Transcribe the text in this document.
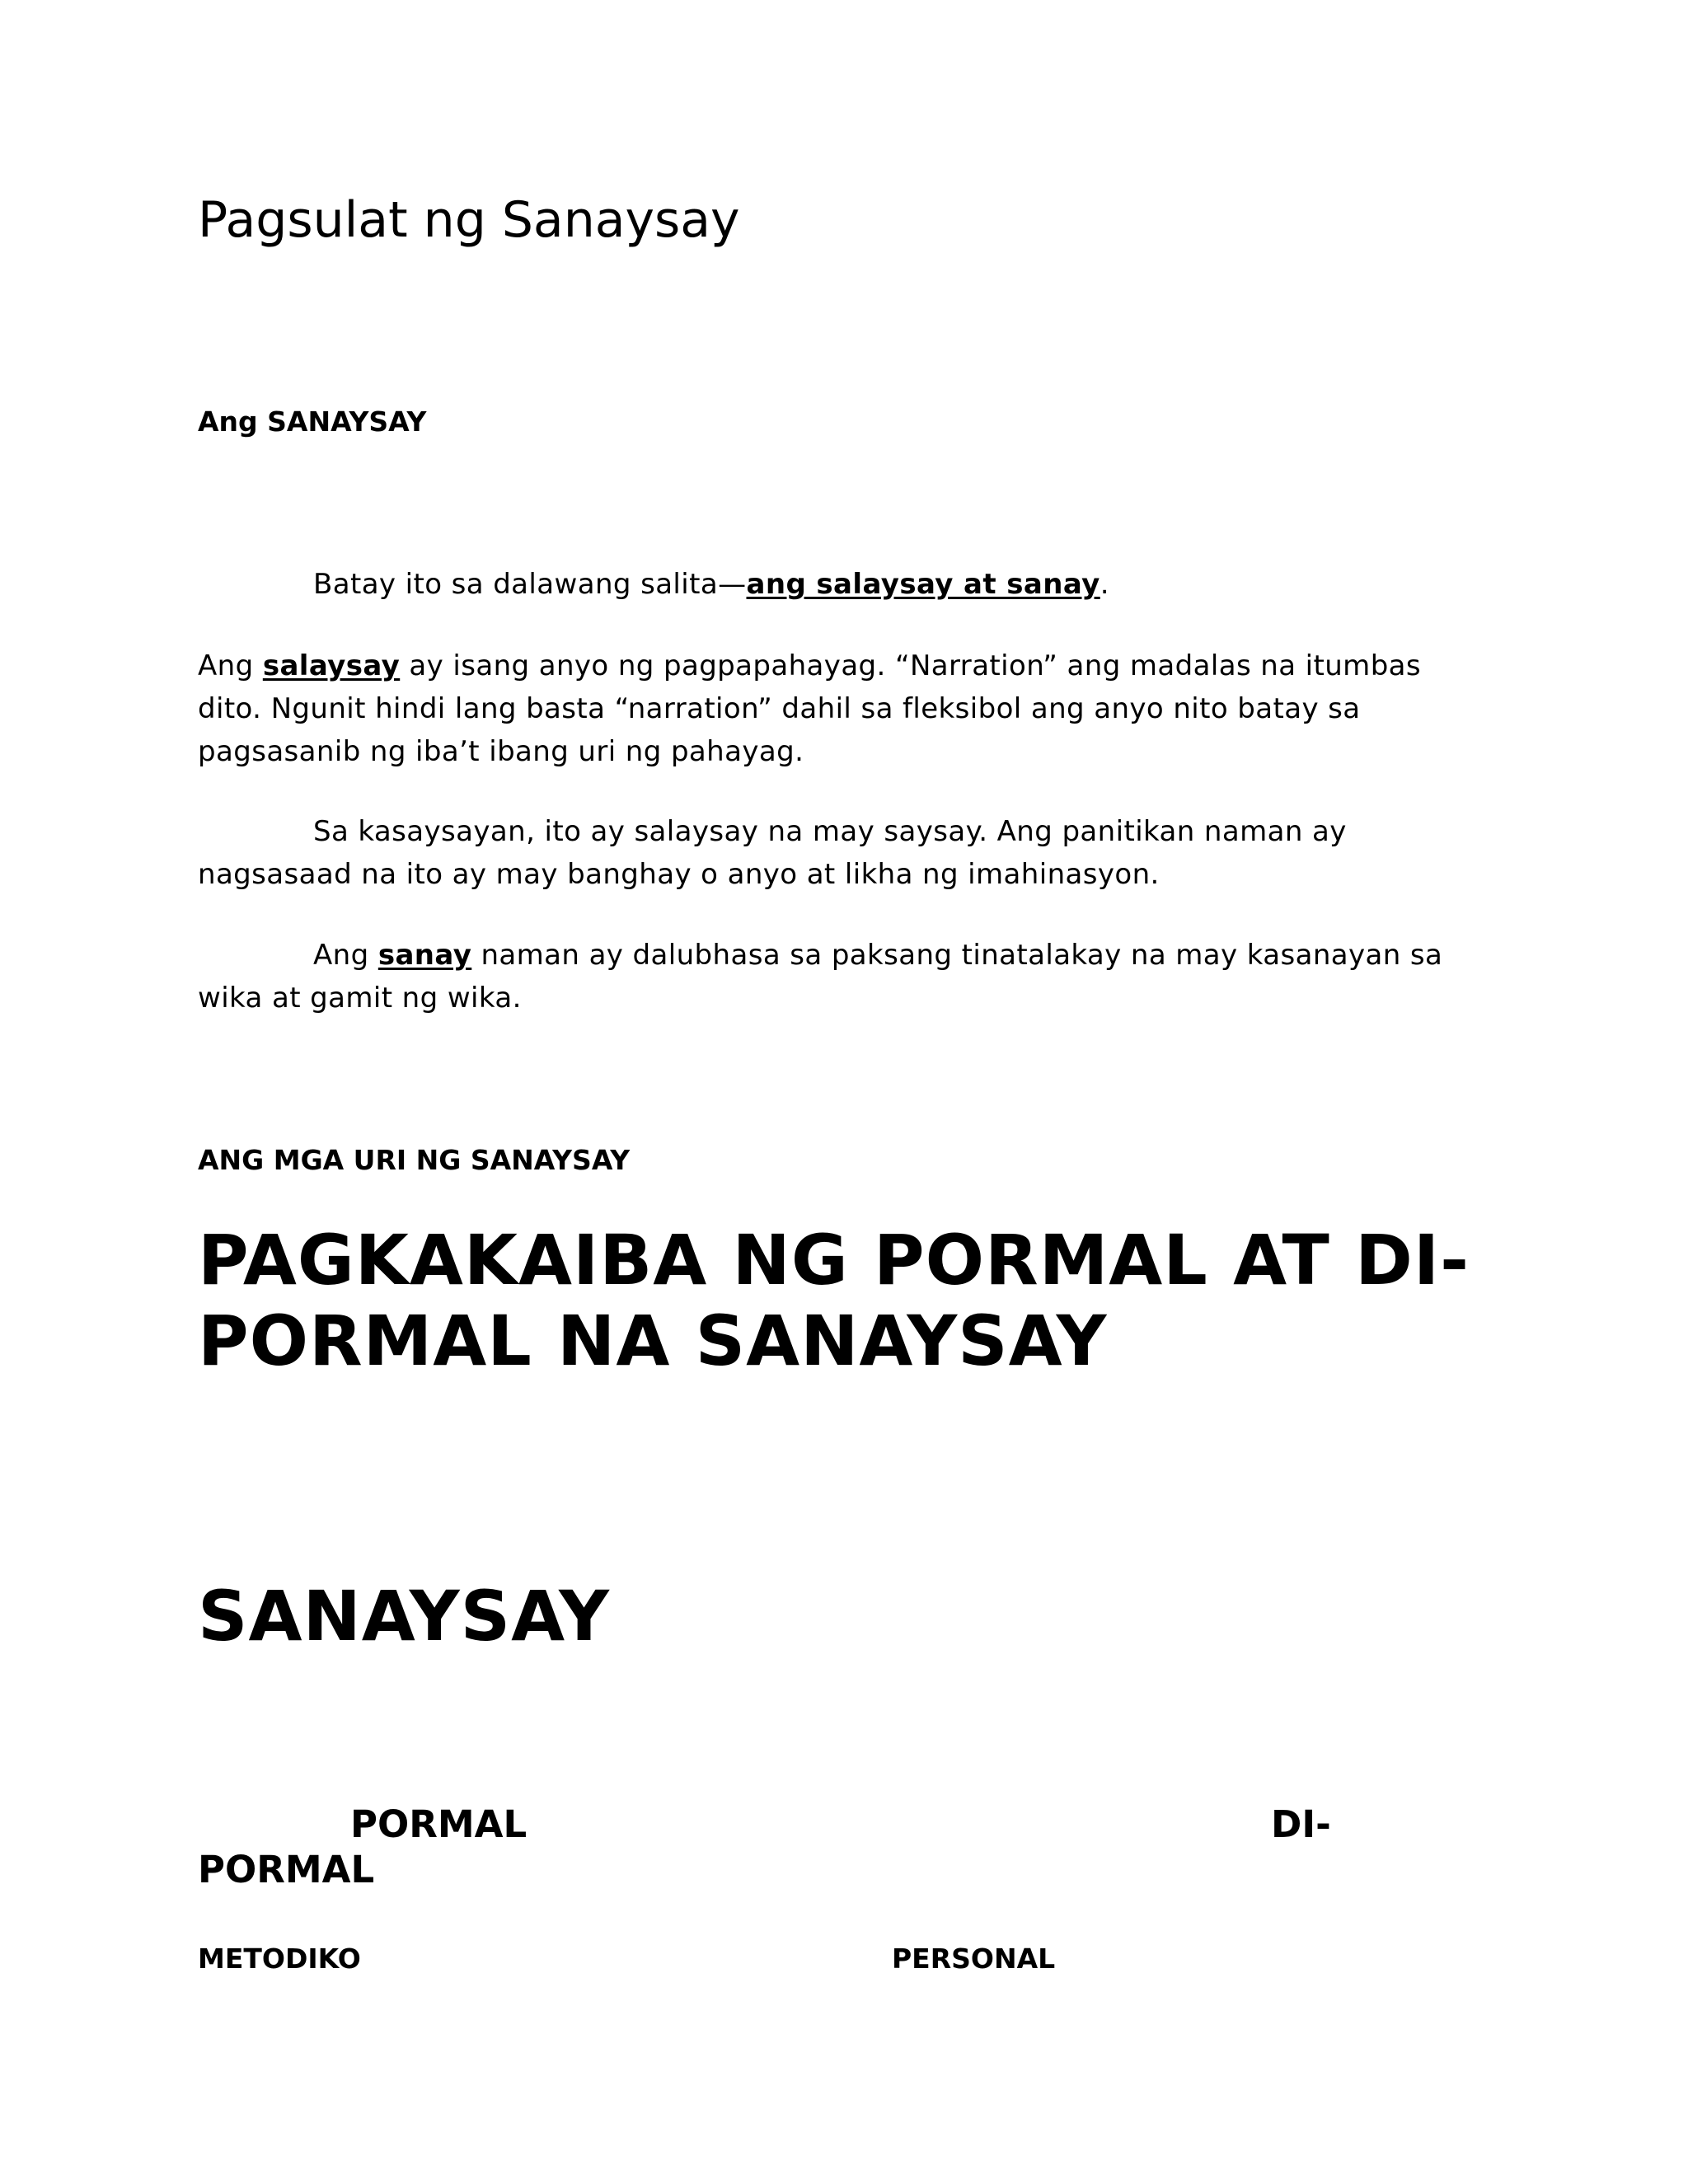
Pagsulat ng Sanaysay
Ang SANAYSAY

Batay ito sa dalawang salita—ang salaysay at sanay.

Ang salaysay ay isang anyo ng pagpapahayag. “Narration” ang madalas na itumbas dito. Ngunit hindi lang basta “narration” dahil sa fleksibol ang anyo nito batay sa pagsasanib ng iba’t ibang uri ng pahayag.

Sa kasaysayan, ito ay salaysay na may saysay. Ang panitikan naman ay nagsasaad na ito ay may banghay o anyo at likha ng imahinasyon.

Ang sanay naman ay dalubhasa sa paksang tinatalakay na may kasanayan sa wika at gamit ng wika.

ANG MGA URI NG SANAYSAY
PAGKAKAIBA NG PORMAL AT DI-PORMAL NA SANAYSAY
SANAYSAY
PORMAL	DI-
PORMAL
METODIKO	PERSONAL
